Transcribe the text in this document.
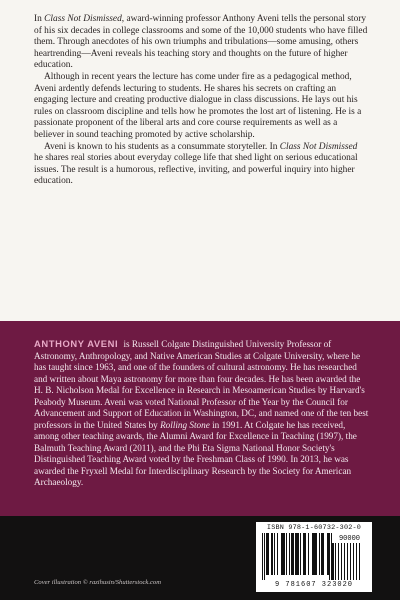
In Class Not Dismissed, award-winning professor Anthony Aveni tells the personal story of his six decades in college classrooms and some of the 10,000 students who have filled them. Through anecdotes of his own triumphs and tribulations—some amusing, others heartrending—Aveni reveals his teaching story and thoughts on the future of higher education.

Although in recent years the lecture has come under fire as a pedagogical method, Aveni ardently defends lecturing to students. He shares his secrets on crafting an engaging lecture and creating productive dialogue in class discussions. He lays out his rules on classroom discipline and tells how he promotes the lost art of listening. He is a passionate proponent of the liberal arts and core course requirements as well as a believer in sound teaching promoted by active scholarship.

Aveni is known to his students as a consummate storyteller. In Class Not Dismissed he shares real stories about everyday college life that shed light on serious educational issues. The result is a humorous, reflective, inviting, and powerful inquiry into higher education.

ANTHONY AVENI is Russell Colgate Distinguished University Professor of Astronomy, Anthropology, and Native American Studies at Colgate University, where he has taught since 1963, and one of the founders of cultural astronomy. He has researched and written about Maya astronomy for more than four decades. He has been awarded the H. B. Nicholson Medal for Excellence in Research in Mesoamerican Studies by Harvard's Peabody Museum. Aveni was voted National Professor of the Year by the Council for Advancement and Support of Education in Washington, DC, and named one of the ten best professors in the United States by Rolling Stone in 1991. At Colgate he has received, among other teaching awards, the Alumni Award for Excellence in Teaching (1997), the Balmuth Teaching Award (2011), and the Phi Eta Sigma National Honor Society's Distinguished Teaching Award voted by the Freshman Class of 1990. In 2013, he was awarded the Fryxell Medal for Interdisciplinary Research by the Society for American Archaeology.
Cover illustration © razihusin/Shutterstock.com
ISBN 978-1-60732-302-0
90000
9 781607 323020
